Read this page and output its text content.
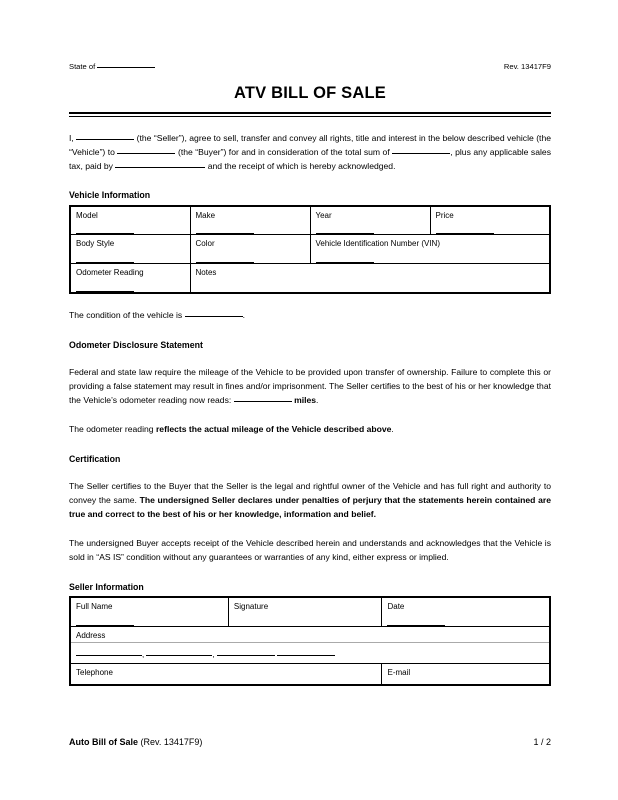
State of	Rev. 13417F9
ATV BILL OF SALE

I,	(the “Seller”), agree to sell, transfer and convey all rights, title and interest in the below described vehicle (the “Vehicle”) to	(the “Buyer”) for and in consideration of the total sum of	, plus any applicable sales tax, paid by	and the receipt of which is hereby acknowledged.

Vehicle Information
Model	Make	Year	Price

Body Style	Color	Vehicle Identification Number (VIN)	

Odometer Reading	Notes		

The condition of the vehicle is	.

Odometer Disclosure Statement

Federal and state law require the mileage of the Vehicle to be provided upon transfer of ownership. Failure to complete this or providing a false statement may result in fines and/or imprisonment. The Seller certifies to the best of his or her knowledge that the Vehicle’s odometer reading now reads:	miles.

The odometer reading reflects the actual mileage of the Vehicle described above.

Certification

The Seller certifies to the Buyer that the Seller is the legal and rightful owner of the Vehicle and has full right and authority to convey the same. The undersigned Seller declares under penalties of perjury that the statements herein contained are true and correct to the best of his or her knowledge, information and belief.

The undersigned Buyer accepts receipt of the Vehicle described herein and understands and acknowledges that the Vehicle is sold in “AS IS” condition without any guarantees or warranties of any kind, either express or implied.

Seller Information
Full Name	Signature	Date

Address		

, ,		

Telephone		E-mail
Auto Bill of Sale (Rev. 13417F9)	1 / 2
